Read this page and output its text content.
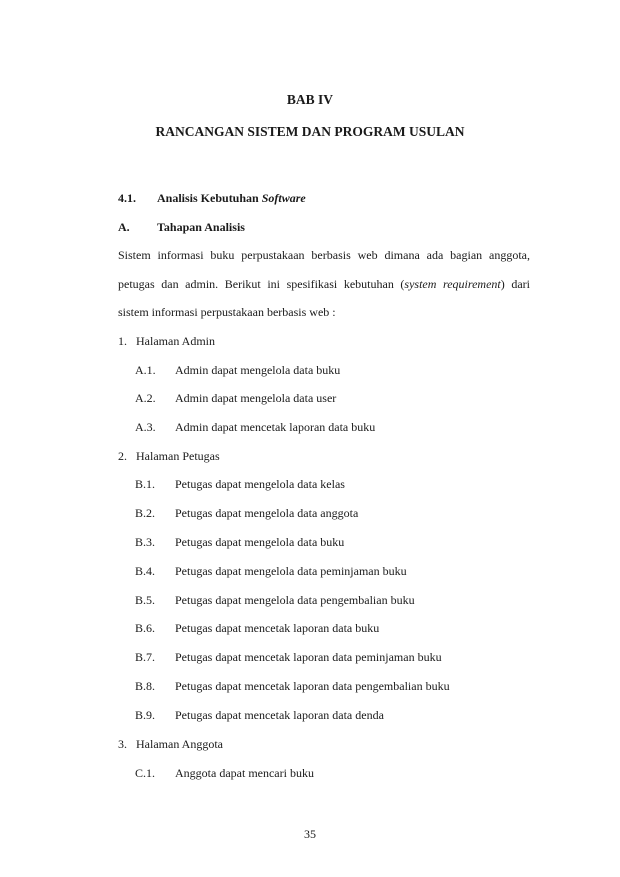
BAB IV
RANCANGAN SISTEM DAN PROGRAM USULAN
4.1. Analisis Kebutuhan Software
A. Tahapan Analisis
Sistem informasi buku perpustakaan berbasis web dimana ada bagian anggota,
petugas dan admin. Berikut ini spesifikasi kebutuhan (system requirement) dari
sistem informasi perpustakaan berbasis web :
1.   Halaman Admin
A.1.	Admin dapat mengelola data buku
A.2.	Admin dapat mengelola data user
A.3.	Admin dapat mencetak laporan data buku
2.   Halaman Petugas
B.1.	Petugas dapat mengelola data kelas
B.2.	Petugas dapat mengelola data anggota
B.3.	Petugas dapat mengelola data buku
B.4.	Petugas dapat mengelola data peminjaman buku
B.5.	Petugas dapat mengelola data pengembalian buku
B.6.	Petugas dapat mencetak laporan data buku
B.7.	Petugas dapat mencetak laporan data peminjaman buku
B.8.	Petugas dapat mencetak laporan data pengembalian buku
B.9.	Petugas dapat mencetak laporan data denda
3.   Halaman Anggota
C.1.	Anggota dapat mencari buku
35
